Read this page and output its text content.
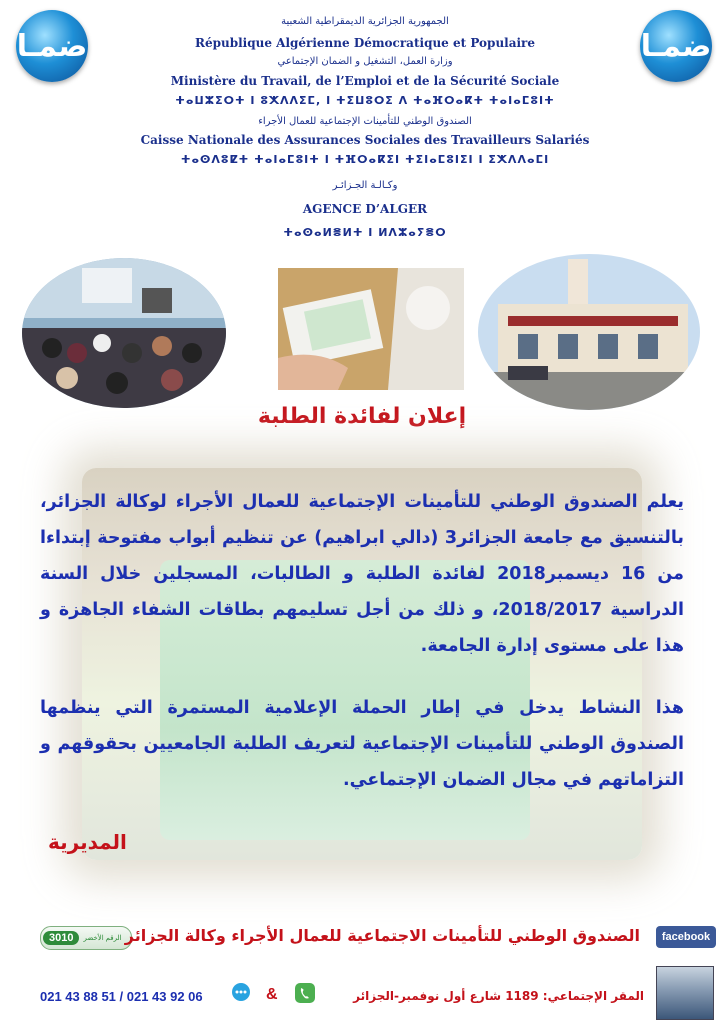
ضمـا	ضمـا
الجمهورية الجزائرية الديمقراطية الشعبية
République Algérienne Démocratique et Populaire
وزارة العمل، التشغيل و الضمان الإجتماعي
Ministère du Travail, de l’Emploi et de la Sécurité Sociale
ⵜⴰⵡⵣⵉⵔⵜ ⵏ ⵓⵅⴷⴷⵉⵎ, ⵏ ⵜⵉⵡⵓⵔⵉ ⴷ ⵜⴰⴼⵔⴰⴽⵜ ⵜⴰⵏⴰⵎⵓⵏⵜ
الصندوق الوطني للتأمينات الإجتماعية للعمال الأجراء
Caisse Nationale des Assurances Sociales des Travailleurs Salariés
ⵜⴰⵙⴷⵓⵇⵜ ⵜⴰⵏⴰⵎⵓⵏⵜ ⵏ ⵜⴼⵔⴰⴽⵉⵏ ⵜⵉⵏⴰⵎⵓⵏⵉⵏ ⵏ ⵉⵅⴷⴷⴰⵎⵏ
وكـالـة الجـزائـر
AGENCE D’ALGER
ⵜⴰⵙⴰⵍⴻⵍⵜ ⵏ ⵍⴷⵣⴰⵢⴻⵔ
إعلان لفائدة الطلبة
يعلم الصندوق الوطني للتأمينات الإجتماعية للعمال الأجراء لوكالة الجزائر، بالتنسيق مع جامعة الجزائر3 (دالي ابراهيم) عن تنظيم أبواب مفتوحة إبتداءا من 16 ديسمبر2018 لفائدة الطلبة و الطالبات، المسجلين خلال السنة الدراسية 2018/2017، و ذلك من أجل تسليمهم بطاقات الشفاء الجاهزة و هذا على مستوى إدارة الجامعة.
هذا النشاط يدخل في إطار الحملة الإعلامية المستمرة التي ينظمها الصندوق الوطني للتأمينات الإجتماعية لتعريف الطلبة الجامعيين بحقوقهم و التزاماتهم في مجال الضمان الإجتماعي.
المديرية
3010	الرقم الأخضر الصندوق الوطني للتأمينات الاجتماعية للعمال الأجراء وكالة الجزائر	facebook
021 43 88 51 / 021 43 92 06	&	المقر الإجتماعي: 1189 شارع أول نوفمبر-الجزائر
